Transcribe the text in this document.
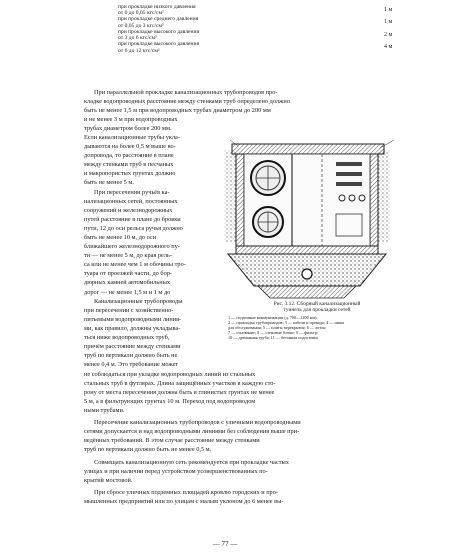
при прокладке низкого давления
от 0 до 0,05 кгс/см²
1 м
при прокладке среднего давления
от 0,05 до 3 кгс/см²
1 м
при прокладке высокого давления
от 3 до 6 кгс/см²
2 м
при прокладке высокого давления
от 6 до 12 кгс/см²
4 м
При параллельной прокладке канализационных трубопроводов про-
кладке водопроводных расстояние между стенками труб определено должно
быть не менее 1,5 м при водопроводных трубах диаметром до 200 мм
и не менее 3 м при водопроводных
трубах диаметром более 200 мм.
Если канализационные трубы укла-
дываются на более 0,5 м выше во-
допровода, то расстояние в плане
между стенками труб в песчаных
и макропористых грунтах должно
быть не менее 5 м.
При пересечении ручьёв ка-
нализационных сетей, постоянных
сооружений и железнодорожных
путей расстояние в плане до бровки
пути, 12 до оси рельса ручья должно
быть не менее 10 м, до оси
ближайшего железнодорожного пу-
ти — не менее 5 м, до края рель-
са или не менее чем 1 м обочины тро-
туара от проезжей части, до бор-
дюрных камней автомобильных
дорог — не менее 1,5 м и 1 м до
Канализационные трубопроводы
при пересечении с хозяйственно-
питьевыми водопроводными линия-
ми, как правило, должны укладыва-
ться ниже водопроводных труб,
причём расстояние между стенками
труб по вертикали должно быть не
менее 0,4 м. Это требование может
Рис. 3.12. Сборный канализационный
туннель для прокладки сетей
1 — подземные коммуникации (д. 700—1200 мм);
2 — прокладка трубопроводов; 3 — кабели и провода; 4 — ниша
для обслуживания; 5 — плиты перекрытия; 6 — лоток;
7 — основание; 8 — стеновые блоки; 9 — фильтр;
10 — дренажная труба; 11 — бетонная подготовка
не соблюдаться при укладке водопроводных линий из стальных
стальных труб в футлярах. Длина защищённых участков в каждую сто-
рону от места пересечения должна быть в глинистых грунтах не менее
5 м, а в фильтрующих грунтах 10 м. Переход под водопроводом
ными трубами.
Пересечение канализационных трубопроводов с уличными водопроводными
сетями допускается и над водопроводными линиями без соблюдения выше при-
ведённых требований. В этом случае расстояние между стенками
труб по вертикали должно быть не менее 0,5 м.
Совмещать канализационную сеть рекомендуется при прокладке частых
улицах и при наличии перед устройством усовершенствованных по-
крытий мостовой.
При сбросе уличных подземных площадей кровлю городских и про-
мышленных предприятий или по улицам с малым уклоном до 6 менее вы-
— 77 —
